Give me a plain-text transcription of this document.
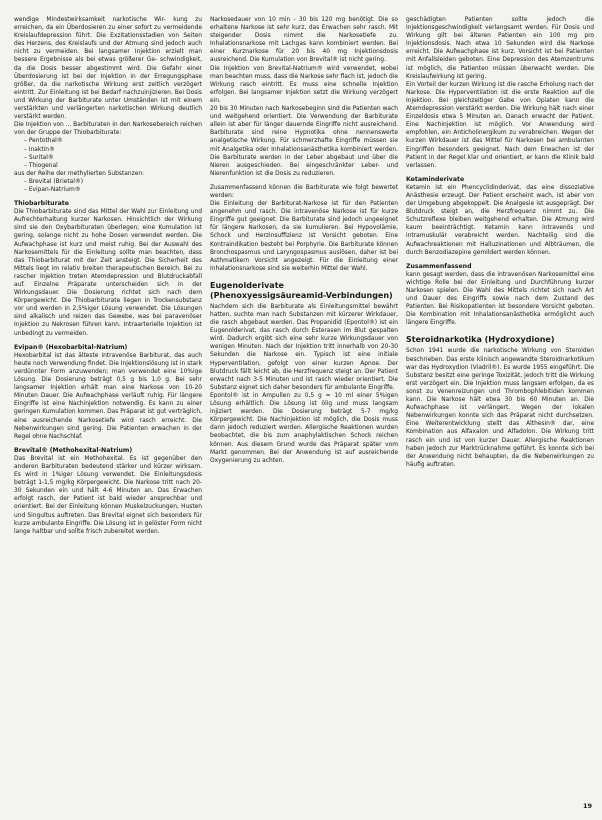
wendige Mindestwirksamkeit narkotische Wir- kung zu erreichen, da ein Überdosieren zu einer sofort zu vermeidende Kreislaufdepression führt. Die Exzitationsstadien von Seiten des Herzens, des Kreislaufs und der Atmung sind jedoch auch nicht zu vermeiden. Bei langsamer Injektion erzielt man bessere Ergebnisse als bei etwas größerer Ge- schwindigkeit, da die Dosis besser abgestimmt wird. Die Gefahr einer Überdosierung ist bei der Injektion in der Erregungsphase größer, da die narkotische Wirkung erst zeitlich verzögert eintritt. Zur Einleitung ist bei Bedarf nachzuinjizieren. Bei Dosis und Wirkung der Barbiturate unter Umständen ist mit einem verstärkten und verlängerten narkotischen Wirkung deutlich verstärkt werden.

Die Injektion von ... Barbituraten in den Narkosebereich reichen von der Gruppe der Thiobarbiturate:

– Pentothal®
– Inaktin®
– Surital®
– Thiogenal

aus der Reihe der methylierten Substanzen:

– Brevital (Brietal®)
– Evipan-Natrium®
Thiobarbiturate

Die Thiobarbiturate sind das Mittel der Wahl zur Einleitung und Aufrechterhaltung kurzer Narkosen. Hinsichtlich der Wirkung sind sie den Oxybarbituraten überlegen; eine Kumulation ist gering, solange nicht zu hohe Dosen verwendet werden. Die Aufwachphase ist kurz und meist ruhig. Bei der Auswahl des Narkosemittels für die Einleitung sollte man beachten, dass das Thiobarbiturat mit der Zeit ansteigt. Die Sicherheit des Mittels liegt im relativ breiten therapeutischen Bereich. Bei zu rascher Injektion treten Atemdepression und Blutdruckabfall auf. Einzelne Präparate unterscheiden sich in der Wirkungsdauer. Die Dosierung richtet sich nach dem Körpergewicht. Die Thiobarbiturate liegen in Trockensubstanz vor und werden in 2,5%iger Lösung verwendet. Die Lösungen sind alkalisch und reizen das Gewebe, was bei paravenöser Injektion zu Nekrosen führen kann. Intraarterielle Injektion ist unbedingt zu vermeiden.

Evipan® (Hexobarbital-Natrium)

Hexobarbital ist das älteste intravenöse Barbiturat, das auch heute noch Verwendung findet. Die Injektionslösung ist in stark verdünnter Form anzuwenden; man verwendet eine 10%ige Lösung. Die Dosierung beträgt 0,5 g bis 1,0 g. Bei sehr langsamer Injektion erhält man eine Narkose von 10-20 Minuten Dauer. Die Aufwachphase verläuft ruhig. Für längere Eingriffe ist eine Nachinjektion notwendig. Es kann zu einer geringen Kumulation kommen. Das Präparat ist gut verträglich, eine ausreichende Narkosetiefe wird rasch erreicht. Die Nebenwirkungen sind gering. Die Patienten erwachen in der Regel ohne Nachschlaf.

Brevital® (Methohexital-Natrium)

Das Brevital ist ein Methohexital. Es ist gegenüber den anderen Barbituraten bedeutend stärker und kürzer wirksam. Es wird in 1%iger Lösung verwendet. Die Einleitungsdosis beträgt 1-1,5 mg/kg Körpergewicht. Die Narkose tritt nach 20-30 Sekunden ein und hält 4-6 Minuten an. Das Erwachen erfolgt rasch, der Patient ist bald wieder ansprechbar und orientiert. Bei der Einleitung können Muskelzuckungen, Husten und Singultus auftreten. Das Brevital eignet sich besonders für kurze ambulante Eingriffe. Die Lösung ist in gelöster Form nicht lange haltbar und sollte frisch zubereitet werden.

Narkosedauer von 10 min - 30 bis 120 mg benötigt. Die so erhaltene Narkose ist sehr kurz, das Erwachen sehr rasch. Mit steigender Dosis nimmt die Narkosetiefe zu. Inhalationsnarkose mit Lachgas kann kombiniert werden. Bei einer Kurznarkose für 20 bis 40 mg Injektionsdosis ausreichend. Die Kumulation von Brevital® ist nicht gering.

Die Injektion von Brevital-Natrium® wird verwendet, wobei man beachten muss, dass die Narkose sehr flach ist, jedoch die Wirkung rasch eintritt. Es muss eine schnelle Injektion erfolgen. Bei langsamer Injektion setzt die Wirkung verzögert ein.

20 bis 30 Minuten nach Narkosebeginn sind die Patienten wach und weitgehend orientiert. Die Verwendung der Barbiturate allein ist aber für länger dauernde Eingriffe nicht ausreichend. Barbiturate sind reine Hypnotika ohne nennenswerte analgetische Wirkung. Für schmerzhafte Eingriffe müssen sie mit Analgetika oder Inhalationsanästhetika kombiniert werden. Die Barbiturate werden in der Leber abgebaut und über die Nieren ausgeschieden. Bei eingeschränkter Leber- und Nierenfunktion ist die Dosis zu reduzieren.

Zusammenfassend können die Barbiturate wie folgt bewertet werden:

Die Einleitung der Barbiturat-Narkose ist für den Patienten angenehm und rasch. Die intravenöse Narkose ist für kurze Eingriffe gut geeignet. Die Barbiturate sind jedoch ungeeignet für längere Narkosen, da sie kumulieren. Bei Hypovolämie, Schock und Herzinsuffizienz ist Vorsicht geboten. Eine Kontraindikation besteht bei Porphyrie. Die Barbiturate können Bronchospasmus und Laryngospasmus auslösen, daher ist bei Asthmatikern Vorsicht angezeigt. Für die Einleitung einer Inhalationsnarkose sind sie weiterhin Mittel der Wahl.

Eugenolderivate (Phenoxyessigsäureamid-Verbindungen)

Nachdem sich die Barbiturate als Einleitungsmittel bewährt hatten, suchte man nach Substanzen mit kürzerer Wirkdauer, die rasch abgebaut werden. Das Propanidid (Epontol®) ist ein Eugenolderivat, das rasch durch Esterasen im Blut gespalten wird. Dadurch ergibt sich eine sehr kurze Wirkungsdauer von wenigen Minuten. Nach der Injektion tritt innerhalb von 20-30 Sekunden die Narkose ein. Typisch ist eine initiale Hyperventilation, gefolgt von einer kurzen Apnoe. Der Blutdruck fällt leicht ab, die Herzfrequenz steigt an. Der Patient erwacht nach 3-5 Minuten und ist rasch wieder orientiert. Die Substanz eignet sich daher besonders für ambulante Eingriffe.

Epontol® ist in Ampullen zu 0,5 g = 10 ml einer 5%igen Lösung erhältlich. Die Lösung ist ölig und muss langsam injiziert werden. Die Dosierung beträgt 5-7 mg/kg Körpergewicht. Die Nachinjektion ist möglich, die Dosis muss dann jedoch reduziert werden. Allergische Reaktionen wurden beobachtet, die bis zum anaphylaktischen Schock reichen können. Aus diesem Grund wurde das Präparat später vom Markt genommen. Bei der Anwendung ist auf ausreichende Oxygenierung zu achten.

geschädigten Patienten sollte jedoch die Injektionsgeschwindigkeit verlangsamt werden. Für Dosis und Wirkung gilt bei älteren Patienten ein 100 mg pro Injektionsdosis. Nach etwa 10 Sekunden wird die Narkose erreicht. Die Aufwachphase ist kurz. Vorsicht ist bei Patienten mit Anfallsleiden geboten. Eine Depression des Atemzentrums ist möglich, die Patienten müssen überwacht werden. Die Kreislaufwirkung ist gering.

Ein Vorteil der kurzen Wirkung ist die rasche Erholung nach der Narkose. Die Hyperventilation ist die erste Reaktion auf die Injektion. Bei gleichzeitiger Gabe von Opiaten kann die Atemdepression verstärkt werden. Die Wirkung hält nach einer Einzeldosis etwa 5 Minuten an. Danach erwacht der Patient. Eine Nachinjektion ist möglich. Vor Anwendung wird empfohlen, ein Anticholinergikum zu verabreichen. Wegen der kurzen Wirkdauer ist das Mittel für Narkosen bei ambulanten Eingriffen besonders geeignet. Nach dem Erwachen ist der Patient in der Regel klar und orientiert, er kann die Klinik bald verlassen.

Ketaminderivate

Ketamin ist ein Phencyclidinderivat, das eine dissoziative Anästhesie erzeugt. Der Patient erscheint wach, ist aber von der Umgebung abgekoppelt. Die Analgesie ist ausgeprägt. Der Blutdruck steigt an, die Herzfrequenz nimmt zu. Die Schutzreflexe bleiben weitgehend erhalten. Die Atmung wird kaum beeinträchtigt. Ketamin kann intravenös und intramuskulär verabreicht werden. Nachteilig sind die Aufwachreaktionen mit Halluzinationen und Albträumen, die durch Benzodiazepine gemildert werden können.

Zusammenfassend

kann gesagt werden, dass die intravenösen Narkosemittel eine wichtige Rolle bei der Einleitung und Durchführung kurzer Narkosen spielen. Die Wahl des Mittels richtet sich nach Art und Dauer des Eingriffs sowie nach dem Zustand des Patienten. Bei Risikopatienten ist besondere Vorsicht geboten. Die Kombination mit Inhalationsanästhetika ermöglicht auch längere Eingriffe.

Steroidnarkotika (Hydroxydione)

Schon 1941 wurde die narkotische Wirkung von Steroiden beschrieben. Das erste klinisch angewandte Steroidnarkotikum war das Hydroxydion (Viadril®). Es wurde 1955 eingeführt. Die Substanz besitzt eine geringe Toxizität, jedoch tritt die Wirkung erst verzögert ein. Die Injektion muss langsam erfolgen, da es sonst zu Venenreizungen und Thrombophlebitiden kommen kann. Die Narkose hält etwa 30 bis 60 Minuten an. Die Aufwachphase ist verlängert. Wegen der lokalen Nebenwirkungen konnte sich das Präparat nicht durchsetzen. Eine Weiterentwicklung stellt das Althesin® dar, eine Kombination aus Alfaxalon und Alfadolon. Die Wirkung tritt rasch ein und ist von kurzer Dauer. Allergische Reaktionen haben jedoch zur Marktrücknahme geführt. Es konnte sich bei der Anwendung nicht behaupten, da die Nebenwirkungen zu häufig auftraten.

19
